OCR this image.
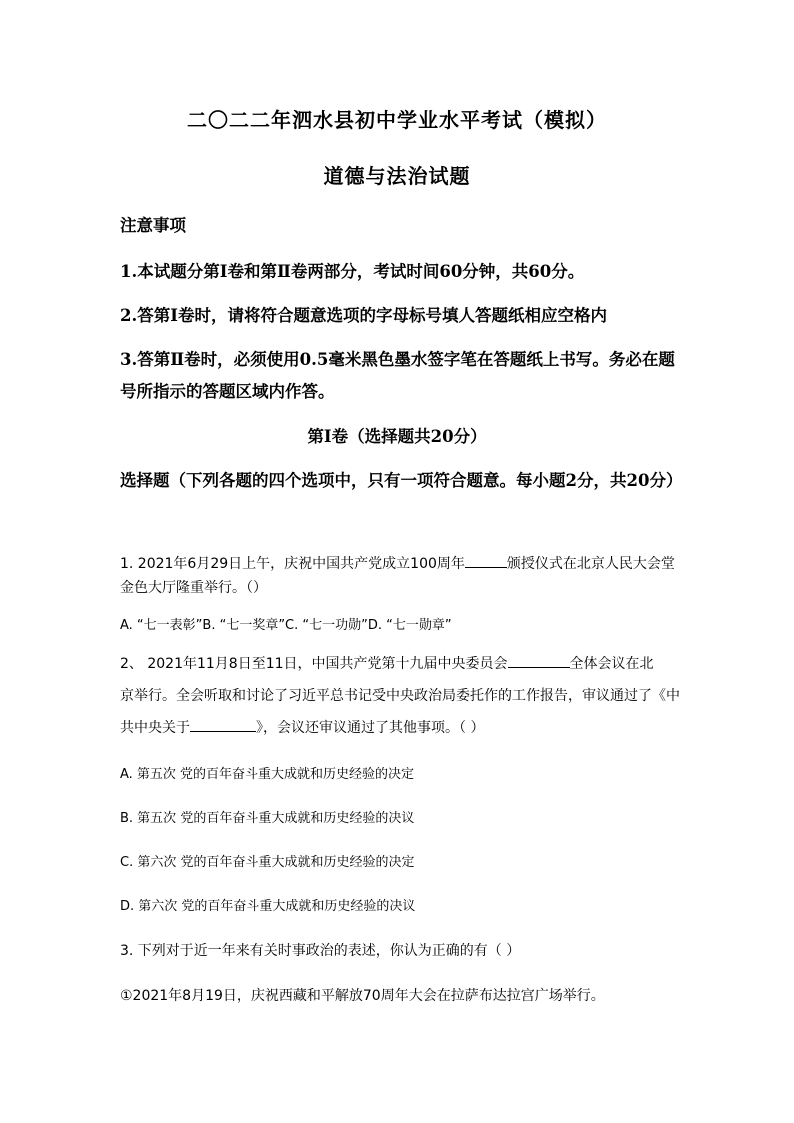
二〇二二年泗水县初中学业水平考试（模拟）
道德与法治试题
注意事项
1.本试题分第Ⅰ卷和第Ⅱ卷两部分，考试时间60分钟，共60分。
2.答第Ⅰ卷时，请将符合题意选项的字母标号填人答题纸相应空格内
3.答第Ⅱ卷时，必须使用0.5毫米黑色墨水签字笔在答题纸上书写。务必在题
号所指示的答题区域内作答。
第Ⅰ卷（选择题共20分）
选择题（下列各题的四个选项中，只有一项符合题意。每小题2分，共20分）
1. 2021年6月29日上午，庆祝中国共产党成立100周年	颁授仪式在北京人民大会堂
金色大厅隆重举行。（）
A. “七一表彰”B. “七一奖章”C. “七一功勋”D. “七一勋章”
2、 2021年11月8日至11日，中国共产党第十九届中央委员会	全体会议在北
京举行。全会听取和讨论了习近平总书记受中央政治局委托作的工作报告，审议通过了《中
共中央关于	》，会议还审议通过了其他事项。（ ）
A. 第五次 党的百年奋斗重大成就和历史经验的决定
B. 第五次 党的百年奋斗重大成就和历史经验的决议
C. 第六次 党的百年奋斗重大成就和历史经验的决定
D. 第六次 党的百年奋斗重大成就和历史经验的决议
3. 下列对于近一年来有关时事政治的表述，你认为正确的有（ ）
①2021年8月19日，庆祝西藏和平解放70周年大会在拉萨布达拉宫广场举行。
